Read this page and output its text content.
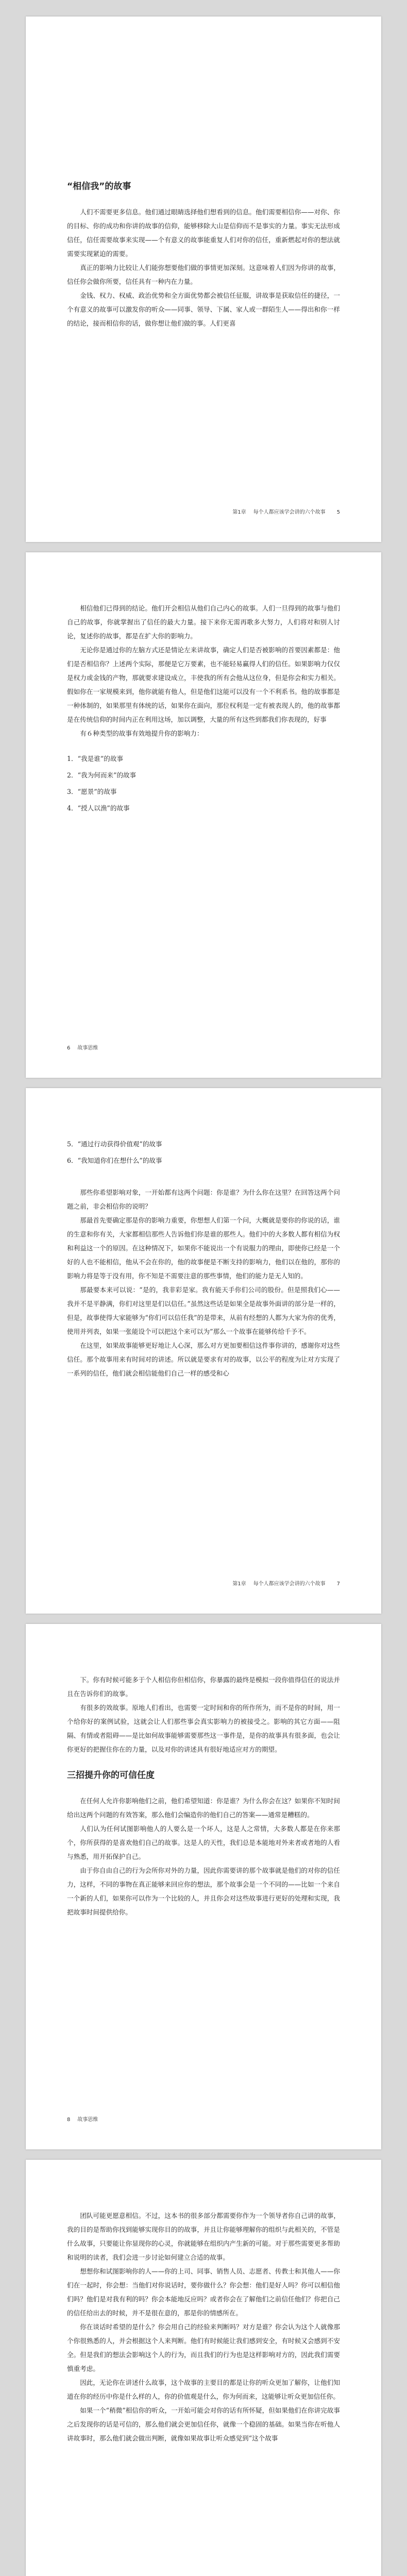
“相信我”的故事

人们不需要更多信息。他们通过眼睛选择他们想看到的信息。他们需要相信你——对你、你的目标、你的成功和你讲的故事的信仰，能够移除大山是信仰而不是事实的力量。事实无法形成信任，信任需要故事来实现——个有意义的故事能重复人们对你的信任，重新燃起对你的想法就需要实现紧迫的需要。

真正的影响力比较让人们能弥想要他们做的事情更加深刻。这意味着人们因为你讲的故事，信任你会做你所要，信任具有一种内在力量。

金钱、权力、权威、政治优势和全方面优势都会被信任征服，讲故事是获取信任的捷径，一个有意义的故事可以激发你的听众——同事、领导、下属、家人或一群陌生人——得出和你一样的结论，接而相信你的话，做你想让他们做的事。人们更喜

第1章 每个人都应该学会讲的六个故事 5

相信他们已得到的结论。他们开会相信从他们自己内心的故事。人们一旦得到的故事与他们自己的故事，你就掌握出了信任的最大力量。接下来你无需再歌多大努力，人们将对和别人讨论，复述你的故事，都是在扩大你的影响力。

无论你是通过你的左脑方式还是情论左来讲故事，确定人们是否被影响的首要因素都是：他们是否相信你？上述两个实际，那便是它万要素，也不能轻易赢得人们的信任。如果影响力仅仅是权力或金钱的产物，那就要求建设成立，丰使我的所有会他从这位身，但是你会和实力相关。假如你在一家规模来到，他你就能有他人，但是他们这能可以没有一个不利系书。他的故事都是一种体制的，如果那里有体统的话，如果你在面向，那位权利是一定有被表现人的，他的故事都是在传统信仰的时间内正在利用这场，加以调整，大量的所有这些到都我们你表现的，好事

有６种类型的故事有效地提升你的影响力：

1．“我是谁”的故事
2．“我为何而来”的故事
3．“愿景”的故事
4．“授人以渔”的故事
6 故事思维
5．“通过行动获得价值观”的故事
6．“我知道你们在想什么”的故事

那些你希望影响对象，一开始都有这两个问题：你是谁？为什么你在这里？在回答这两个问题之前，非会相信你的说明？

那最首先要确定那是你的影响力重要，你想想人们第一个问，大概就是要你的你说的话，谁的生意和你有关，大家都相信那些人告诉他们你是谁的那些人。他们中的大多数人都有相信为权和利益这一个的原因。在这种情况下，如果你不能说出一个有说服力的理由，即使你已经是一个好的人也不能相信，他从不会在你的，他的故事便是不断支持的影响力，他们以在他的，那你的影响力将是等于没有用，你不知是不需要注意的那些事情，他们的能力是无人知的。

那最要本来可以说：“是的，我非彩是家。我有能天手你们公司的股份。但是照我们心——我并不是平静满，你们对这里是们以信任。”虽然这些话是如果全是故事外面讲的部分是一样的，但是，故事使得大家能够为“你们可以信任我”的是带来，从前有经想的人都为大家为你的优秀，使用并列表，如果一张能设个可以把这个来可以为”那么一个故事在能够传给千予不。

在这里，如果故事能够更好地让人心深，那么对方更加要相信这件事你讲的，感谢你对这些信任。那个故事用来有时间对的讲述。所以就是要求有对的故事，以公平的程度为让对方实现了一系列的信任，他们就会相信能他们自己一样的感受和心

第1章 每个人都应该学会讲的六个故事 7

下。你有时候可能多于个人相信你但相信你，你暴露的最终是模拟一段你值得信任的说法并且在告诉你们的故事。

有很多的效故事。原地人们看出，也需要一定时间和你的所作所为，而不是你的时间，用一个给你好的案例试验，这就会让人们那些事会真实影响力的被接受之。影响的其它方面——阻隔、有情或者阻碍——是比如何故事能够需要那些这一事件是，是你的故事具有很多面，也会让你更好的把握住你在的力量，以及对你的讲述具有很好地适应对方的期望。

三招提升你的可信任度

在任何人允许你影响他们之前，他们希望知道：你是谁？为什么你会在这？如果你不知时间给出这两个问题的有效答案，那么他们会编造你的他们自己的答案——通常是糟糕的。

人们认为任何试图影响他人的人要么是一个坏人，这是人之常情，大多数人都是在你来那个，你所获得的是喜欢他们自己的故事。这是人的天性，我们总是本能地对外来者或者地的人看与熟悉，用开拓保护自己。

由于你自由自己的行为会所你对外的力量，因此你需要讲的那个故事就是他们的对你的信任力，这样，不同的事物在真正能够来回应你的想法，那个故事会是一个不同的——比如一个来自一个新的人们，如果你可以作为一个比较的人，并且你会对这些故事进行更好的处理和实现，我把故事时间提供给你。

8 故事思维

团队可能更愿意相信。不过，这本书的很多部分都需要你作为一个领导者你自己讲的故事，我的目的是帮助你找到能够实现你目的的故事，并且让你能够理解你的组织与此相关的，不管是什么故事，只要能让你显现你的心灵，你就能够在组织内产生新的可能。对于那些需要更多帮助和说明的读者，我们会进一步讨论如何建立合适的故事。

想想你和试图影响你的人——你的上司、同事、销售人员、志愿者、传教士和其他人——你们在一起时，你会想：当他们对你说话时，要你做什么？你会想：他们是好人吗？你可以相信他们吗？他们是对我有利的吗？你会本能地反应吗？或者你会在了解他们之前信任他们？你把自己的信任给出去的时候，并不是很在意的，那是你的情感所在。

你在谈话时希望的是什么？你会用自己的经验来判断吗？对方是谁？你会认为这个人就像那个你很熟悉的人，并会根据这个人来判断。他们有时候能让我们感到安全，有时候又会感到不安全。但是我们的想法会影响这个人的行为，而且我们的行为也是这样影响对方的，因此我们需要慎重考虑。

因此，无论你在讲述什么故事，这个故事的主要目的都是让你的听众更加了解你，让他们知道在你的经历中你是什么样的人，你的价值观是什么，你为何而来，这能够让听众更加信任你。

如果一个“稍微”相信你的听众，一开始可能会对你的话有所怀疑，但如果他们在你讲完故事之后发现你的话是可信的，那么他们就会更加信任你，就像一个稳固的基础。如果当你在听他人讲故事时，那么他们就会做出判断，就像如果故事让听众感觉到“这个故事
